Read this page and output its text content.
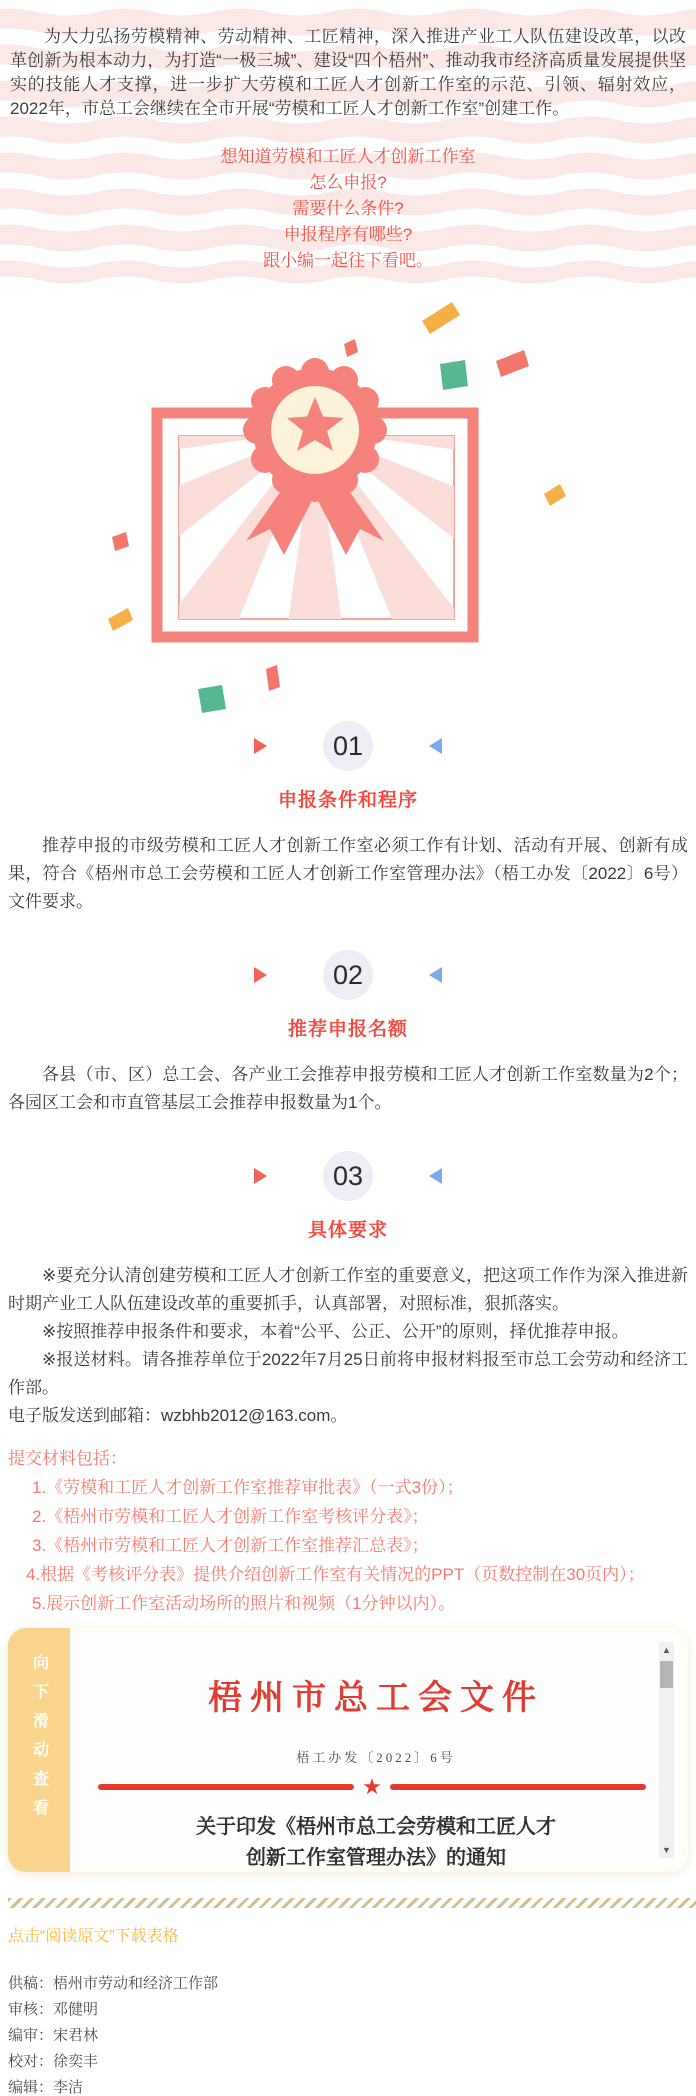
为大力弘扬劳模精神、劳动精神、工匠精神，深入推进产业工人队伍建设改革，以改革创新为根本动力，为打造“一极三城”、建设“四个梧州”、推动我市经济高质量发展提供坚实的技能人才支撑，进一步扩大劳模和工匠人才创新工作室的示范、引领、辐射效应，2022年，市总工会继续在全市开展“劳模和工匠人才创新工作室”创建工作。

想知道劳模和工匠人才创新工作室

怎么申报?

需要什么条件?

申报程序有哪些?

跟小编一起往下看吧。

01
申报条件和程序

推荐申报的市级劳模和工匠人才创新工作室必须工作有计划、活动有开展、创新有成果，符合《梧州市总工会劳模和工匠人才创新工作室管理办法》（梧工办发〔2022〕6号）文件要求。

02
推荐申报名额

各县（市、区）总工会、各产业工会推荐申报劳模和工匠人才创新工作室数量为2个；各园区工会和市直管基层工会推荐申报数量为1个。

03
具体要求

※要充分认清创建劳模和工匠人才创新工作室的重要意义，把这项工作作为深入推进新时期产业工人队伍建设改革的重要抓手，认真部署，对照标准，狠抓落实。

※按照推荐申报条件和要求，本着“公平、公正、公开”的原则，择优推荐申报。

※报送材料。请各推荐单位于2022年7月25日前将申报材料报至市总工会劳动和经济工作部。

电子版发送到邮箱：wzbhb2012@163.com。

提交材料包括：

1.《劳模和工匠人才创新工作室推荐审批表》（一式3份）；

2.《梧州市劳模和工匠人才创新工作室考核评分表》；

3.《梧州市劳模和工匠人才创新工作室推荐汇总表》；

4.根据《考核评分表》提供介绍创新工作室有关情况的PPT（页数控制在30页内）；

5.展示创新工作室活动场所的照片和视频（1分钟以内）。

向下滑动查看	梧州市总工会文件
梧工办发〔2022〕6号
★
关于印发《梧州市总工会劳模和工匠人才
创新工作室管理办法》的通知
▲
▼

点击“阅读原文”下载表格

供稿：梧州市劳动和经济工作部

审核：邓健明

编审：宋君林

校对：徐奕丰

编辑：李洁
